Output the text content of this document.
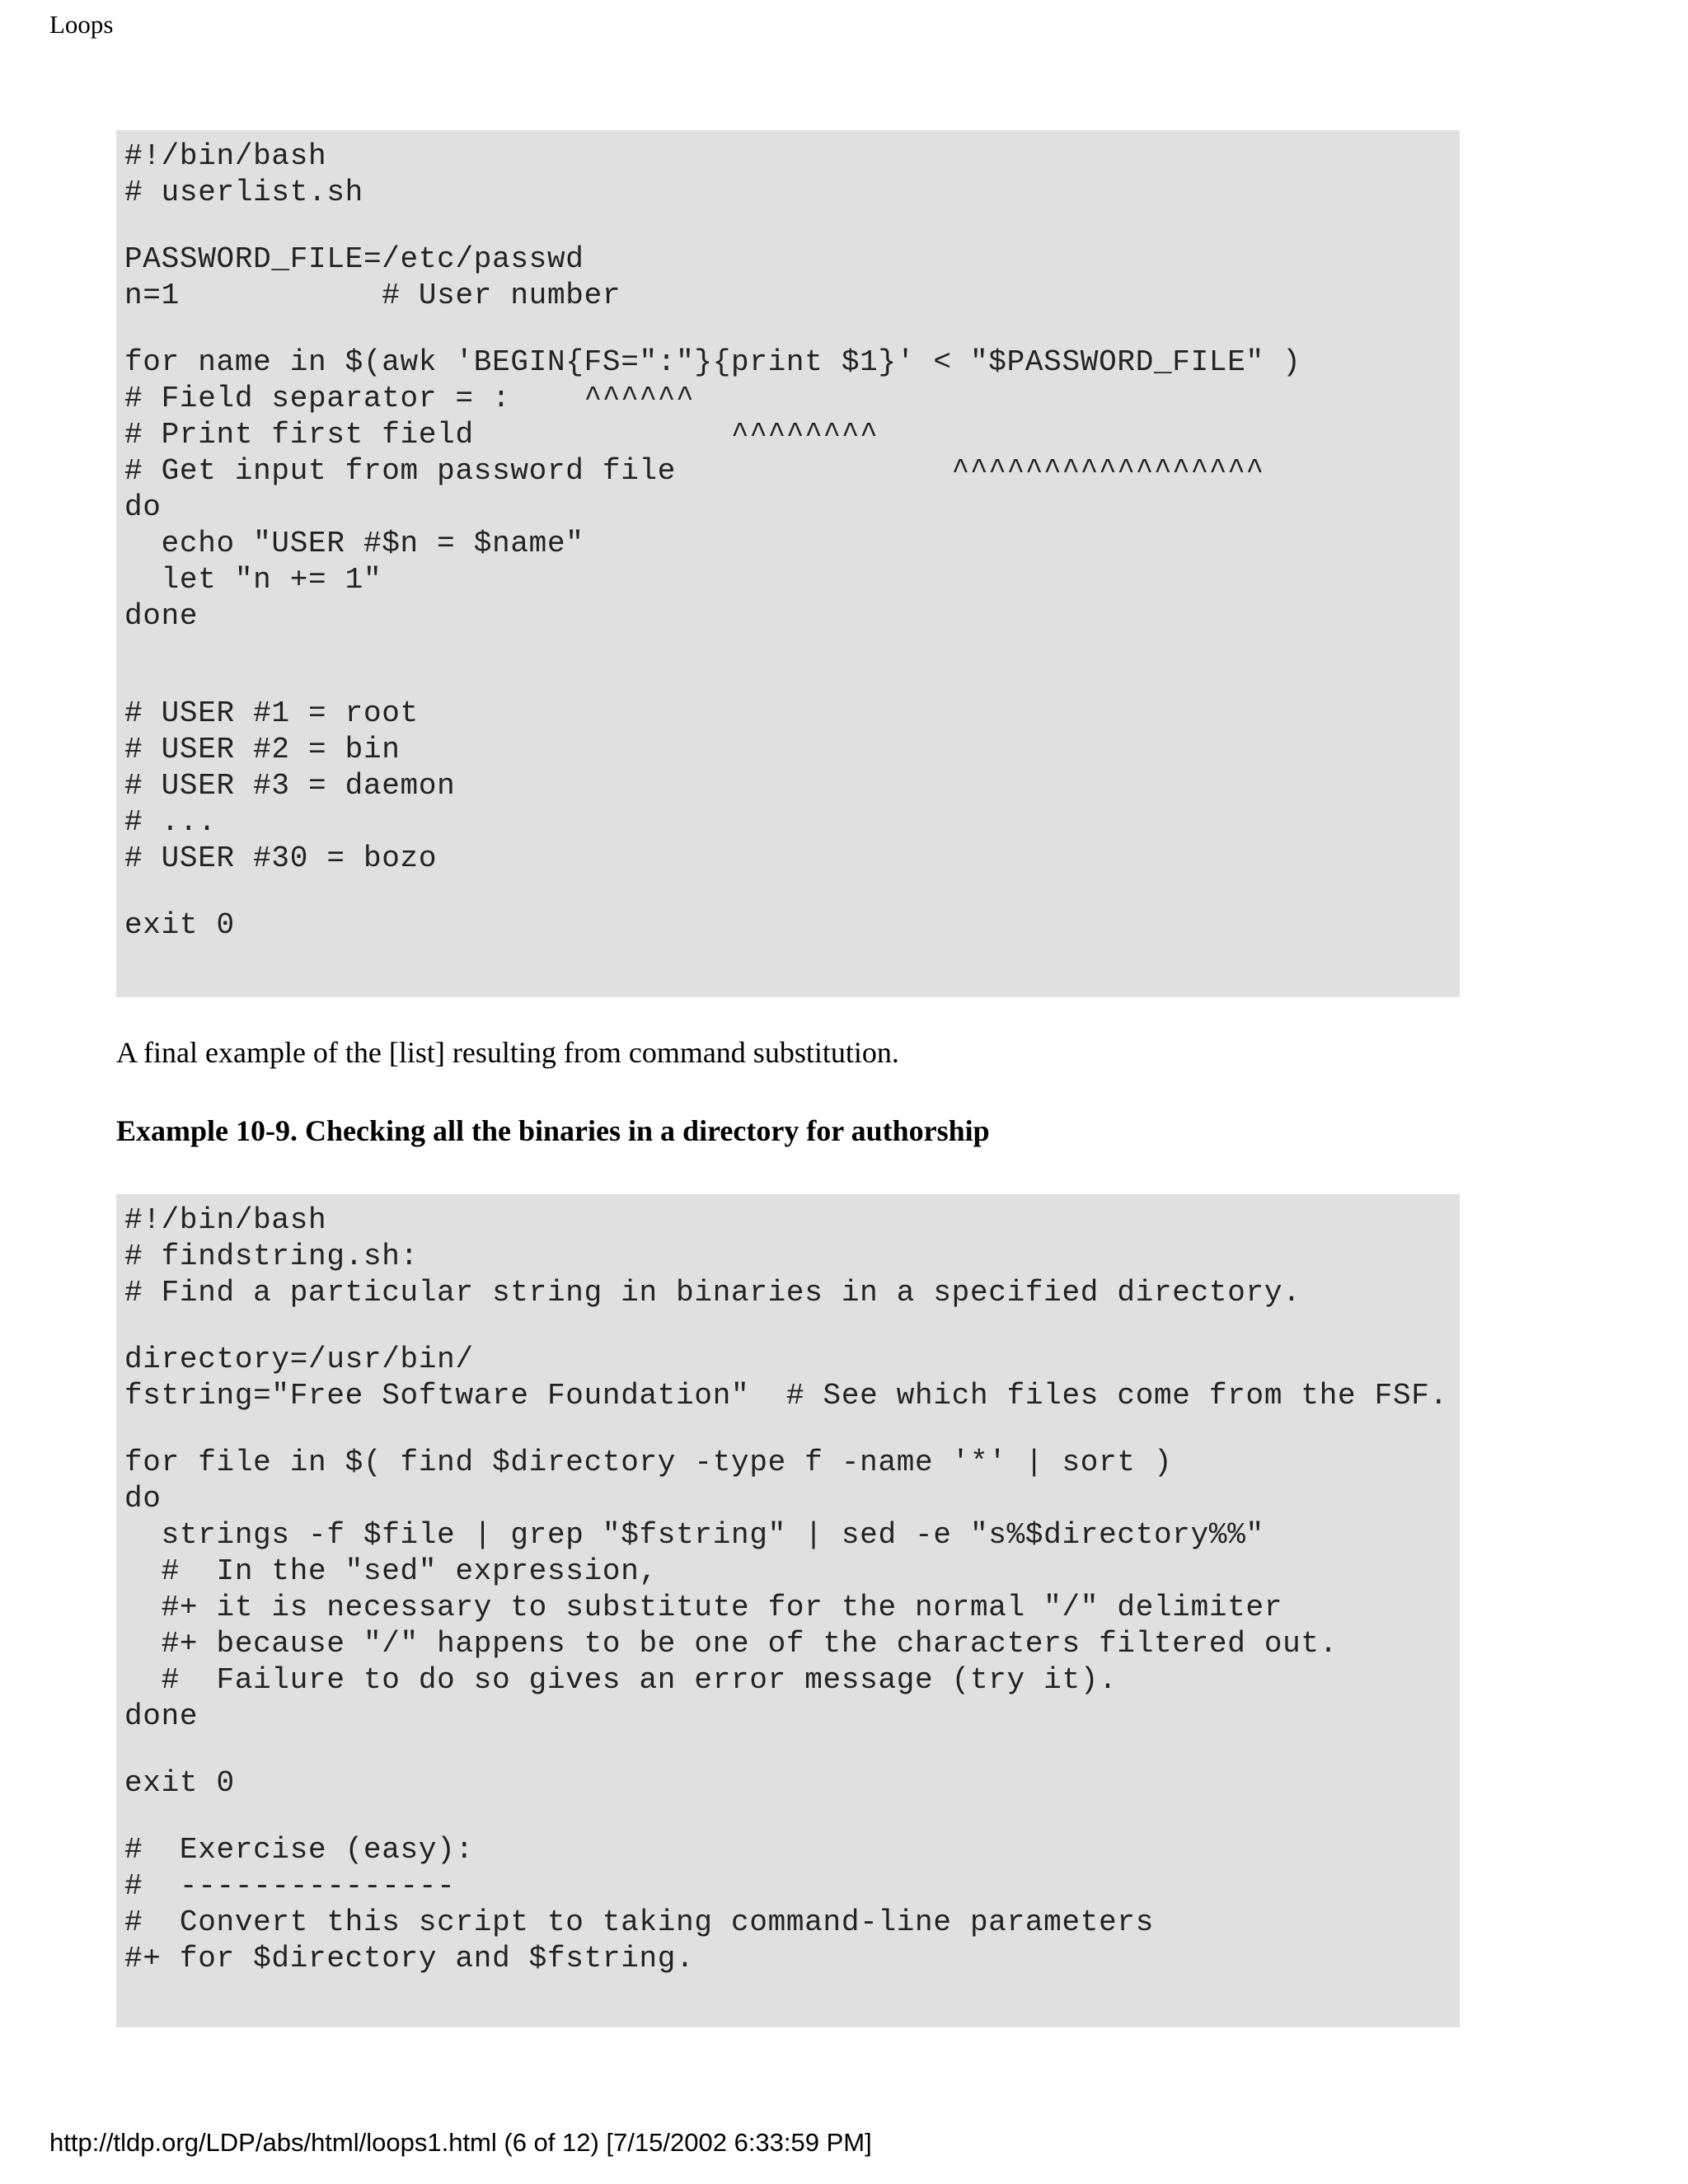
Loops
#!/bin/bash
# userlist.sh
PASSWORD_FILE=/etc/passwd
n=1           # User number
for name in $(awk 'BEGIN{FS=":"}{print $1}' < "$PASSWORD_FILE" )
# Field separator = :    ^^^^^^
# Print first field              ^^^^^^^^
# Get input from password file               ^^^^^^^^^^^^^^^^^
do
echo "USER #$n = $name"
let "n += 1"
done
# USER #1 = root
# USER #2 = bin
# USER #3 = daemon
# ...
# USER #30 = bozo
exit 0

A final example of the [list] resulting from command substitution.

Example 10-9. Checking all the binaries in a directory for authorship

#!/bin/bash
# findstring.sh:
# Find a particular string in binaries in a specified directory.
directory=/usr/bin/
fstring="Free Software Foundation"  # See which files come from the FSF.
for file in $( find $directory -type f -name '*' | sort )
do
strings -f $file | grep "$fstring" | sed -e "s%$directory%%"
#  In the "sed" expression,
#+ it is necessary to substitute for the normal "/" delimiter
#+ because "/" happens to be one of the characters filtered out.
#  Failure to do so gives an error message (try it).
done
exit 0
#  Exercise (easy):
#  ---------------
#  Convert this script to taking command-line parameters
#+ for $directory and $fstring.
http://tldp.org/LDP/abs/html/loops1.html (6 of 12) [7/15/2002 6:33:59 PM]
